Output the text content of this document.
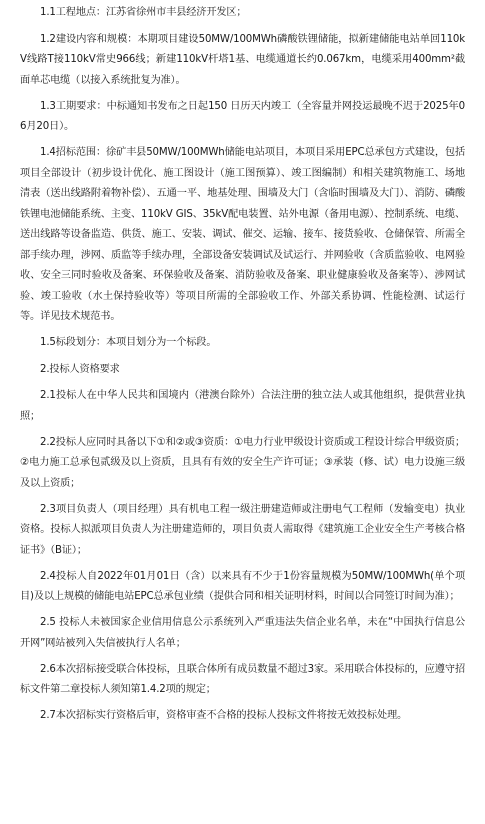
1.1工程地点：江苏省徐州市丰县经济开发区；

1.2建设内容和规模：本期项目建设50MW/100MWh磷酸铁锂储能，拟新建储能电站单回110kV线路T接110kV常史966线；新建110kV杆塔1基、电缆通道长约0.067km，电缆采用400mm²截面单芯电缆（以接入系统批复为准）。

1.3工期要求：中标通知书发布之日起150 日历天内竣工（全容量并网投运最晚不迟于2025年06月20日）。

1.4招标范围：徐矿丰县50MW/100MWh储能电站项目，本项目采用EPC总承包方式建设，包括项目全部设计（初步设计优化、施工图设计（施工图预算）、竣工图编制）和相关建筑物施工、场地清表（送出线路附着物补偿）、五通一平、地基处理、围墙及大门（含临时围墙及大门）、消防、磷酸铁锂电池储能系统、主变、110kV GIS、35kV配电装置、站外电源（备用电源）、控制系统、电缆、送出线路等设备监造、供货、施工、安装、调试、催交、运输、接车、接货验收、仓储保管、所需全部手续办理，涉网、质监等手续办理，全部设备安装调试及试运行、并网验收（含质监验收、电网验收、安全三同时验收及备案、环保验收及备案、消防验收及备案、职业健康验收及备案等）、涉网试验、竣工验收（水土保持验收等）等项目所需的全部验收工作、外部关系协调、性能检测、试运行等。详见技术规范书。

1.5标段划分：本项目划分为一个标段。

2.投标人资格要求

2.1投标人在中华人民共和国境内（港澳台除外）合法注册的独立法人或其他组织，提供营业执照；

2.2投标人应同时具备以下①和②或③资质：①电力行业甲级设计资质或工程设计综合甲级资质；②电力施工总承包贰级及以上资质，且具有有效的安全生产许可证；③承装（修、试）电力设施三级及以上资质；

2.3项目负责人（项目经理）具有机电工程一级注册建造师或注册电气工程师（发输变电）执业资格。投标人拟派项目负责人为注册建造师的，项目负责人需取得《建筑施工企业安全生产考核合格证书》（B证）；

2.4投标人自2022年01月01日（含）以来具有不少于1份容量规模为50MW/100MWh(单个项目)及以上规模的储能电站EPC总承包业绩（提供合同和相关证明材料，时间以合同签订时间为准）；

2.5 投标人未被国家企业信用信息公示系统列入严重违法失信企业名单，未在“中国执行信息公开网”网站被列入失信被执行人名单；

2.6本次招标接受联合体投标，且联合体所有成员数量不超过3家。采用联合体投标的，应遵守招标文件第二章投标人须知第1.4.2项的规定；

2.7本次招标实行资格后审，资格审查不合格的投标人投标文件将按无效投标处理。
